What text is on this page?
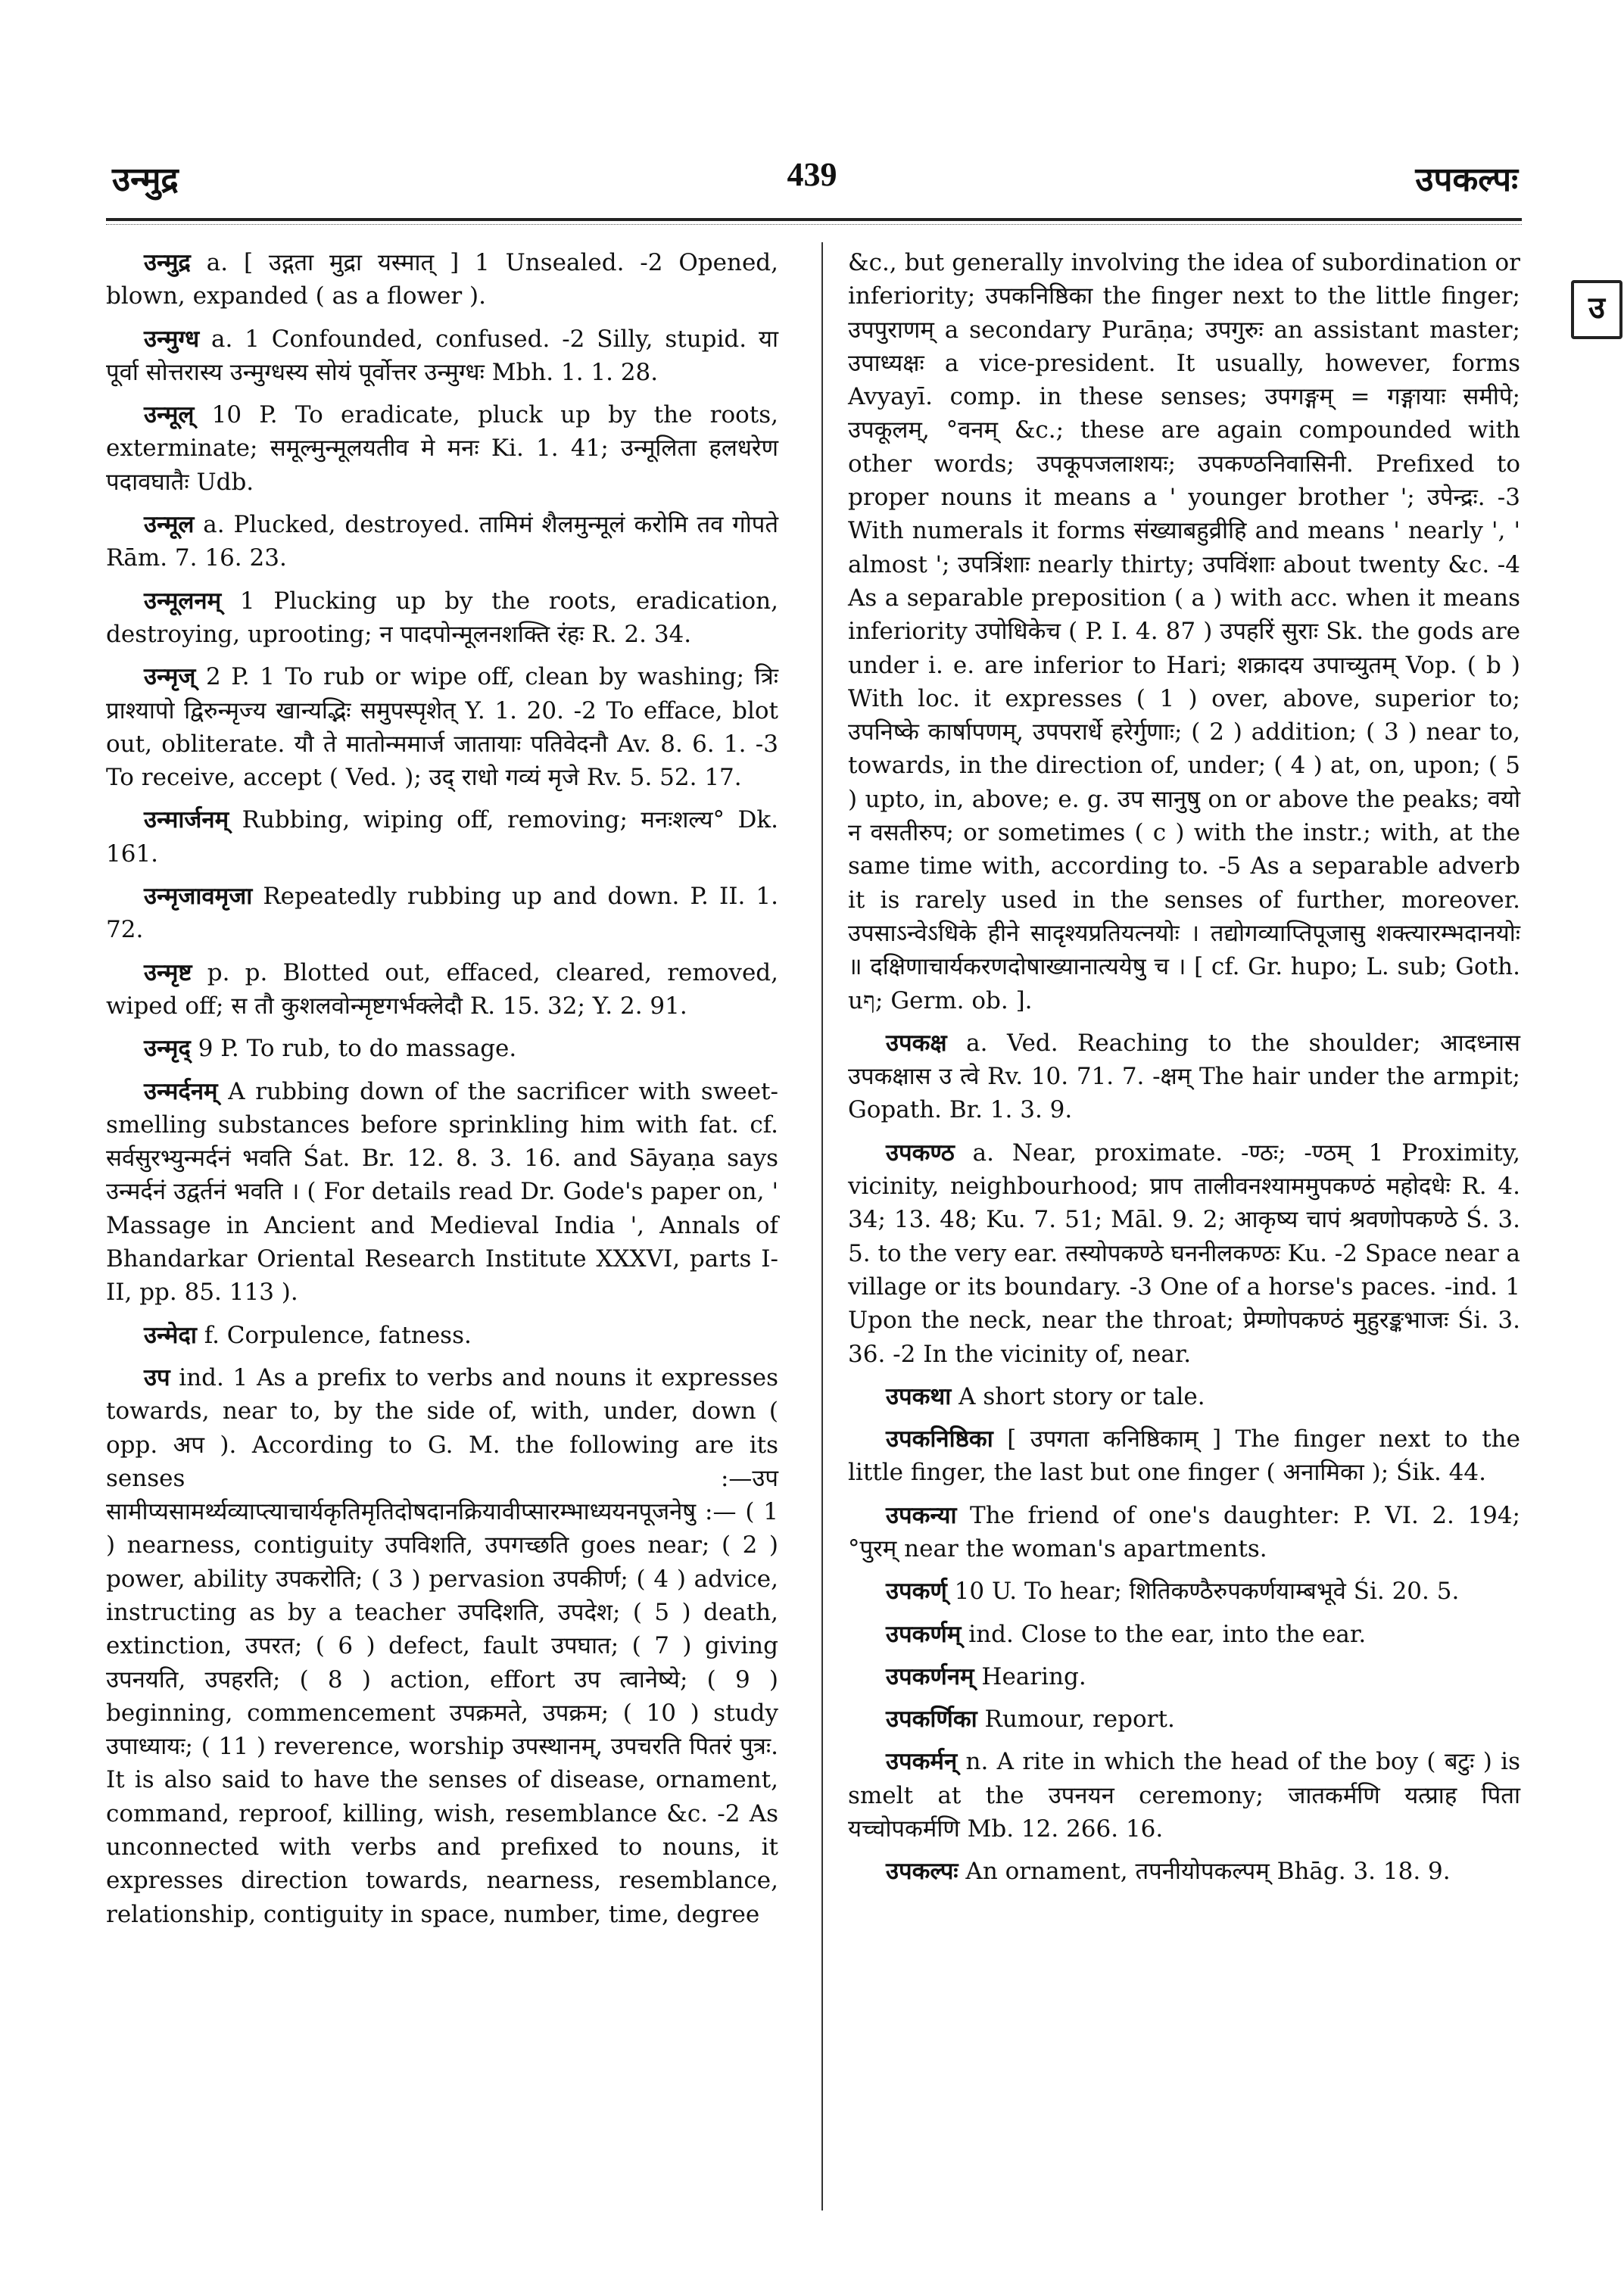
उन्मुद्र	439	उपकल्पः
उ

उन्मुद्र a. [ उद्गता मुद्रा यस्मात् ] 1 Unsealed. -2 Opened, blown, expanded ( as a flower ).

उन्मुग्ध a. 1 Confounded, confused. -2 Silly, stupid. या पूर्वा सोत्तरास्य उन्मुग्धस्य सोयं पूर्वोत्तर उन्मुग्धः Mbh. 1. 1. 28.

उन्मूल् 10 P. To eradicate, pluck up by the roots, exterminate; समूल्मुन्मूलयतीव मे मनः Ki. 1. 41; उन्मूलिता हलधरेण पदावघातैः Udb.

उन्मूल a. Plucked, destroyed. तामिमं शैलमुन्मूलं करोमि तव गोपते Rām. 7. 16. 23.

उन्मूलनम् 1 Plucking up by the roots, eradication, destroying, uprooting; न पादपोन्मूलनशक्ति रंहः R. 2. 34.

उन्मृज् 2 P. 1 To rub or wipe off, clean by washing; त्रिः प्राश्यापो द्विरुन्मृज्य खान्यद्भिः समुपस्पृशेत् Y. 1. 20. -2 To efface, blot out, obliterate. यौ ते मातोन्ममार्ज जातायाः पतिवेदनौ Av. 8. 6. 1. -3 To receive, accept ( Ved. ); उद् राधो गव्यं मृजे Rv. 5. 52. 17.

उन्मार्जनम् Rubbing, wiping off, removing; मनःशल्य° Dk. 161.

उन्मृजावमृजा Repeatedly rubbing up and down. P. II. 1. 72.

उन्मृष्ट p. p. Blotted out, effaced, cleared, removed, wiped off; स तौ कुशलवोन्मृष्टगर्भक्लेदौ R. 15. 32; Y. 2. 91.

उन्मृद् 9 P. To rub, to do massage.

उन्मर्दनम् A rubbing down of the sacrificer with sweet-smelling substances before sprinkling him with fat. cf. सर्वसुरभ्युन्मर्दनं भवति Śat. Br. 12. 8. 3. 16. and Sāyaṇa says उन्मर्दनं उद्वर्तनं भवति । ( For details read Dr. Gode's paper on, ' Massage in Ancient and Medieval India ', Annals of Bhandarkar Oriental Research Institute XXXVI, parts I-II, pp. 85. 113 ).

उन्मेदा f. Corpulence, fatness.

उप ind. 1 As a prefix to verbs and nouns it expresses towards, near to, by the side of, with, under, down ( opp. अप ). According to G. M. the following are its senses :—उप सामीप्यसामर्थ्यव्याप्त्याचार्यकृतिमृतिदोषदानक्रियावीप्सारम्भाध्ययनपूजनेषु :— ( 1 ) nearness, contiguity उपविशति, उपगच्छति goes near; ( 2 ) power, ability उपकरोति; ( 3 ) pervasion उपकीर्ण; ( 4 ) advice, instructing as by a teacher उपदिशति, उपदेश; ( 5 ) death, extinction, उपरत; ( 6 ) defect, fault उपघात; ( 7 ) giving उपनयति, उपहरति; ( 8 ) action, effort उप त्वानेष्ये; ( 9 ) beginning, commencement उपक्रमते, उपक्रम; ( 10 ) study उपाध्यायः; ( 11 ) reverence, worship उपस्थानम्, उपचरति पितरं पुत्रः. It is also said to have the senses of disease, ornament, command, reproof, killing, wish, resemblance &c. -2 As unconnected with verbs and prefixed to nouns, it expresses direction towards, nearness, resemblance, relationship, contiguity in space, number, time, degree

&c., but generally involving the idea of subordination or inferiority; उपकनिष्ठिका the finger next to the little finger; उपपुराणम् a secondary Purāṇa; उपगुरुः an assistant master; उपाध्यक्षः a vice-president. It usually, however, forms Avyayī. comp. in these senses; उपगङ्गम् = गङ्गायाः समीपे; उपकूलम्, °वनम् &c.; these are again compounded with other words; उपकूपजलाशयः; उपकण्ठनिवासिनी. Prefixed to proper nouns it means a ' younger brother '; उपेन्द्रः. -3 With numerals it forms संख्याबहुव्रीहि and means ' nearly ', ' almost '; उपत्रिंशाः nearly thirty; उपविंशाः about twenty &c. -4 As a separable preposition ( a ) with acc. when it means inferiority उपोधिकेच ( P. I. 4. 87 ) उपहरिं सुराः Sk. the gods are under i. e. are inferior to Hari; शक्रादय उपाच्युतम् Vop. ( b ) With loc. it expresses ( 1 ) over, above, superior to; उपनिष्के कार्षापणम्, उपपरार्धे हरेर्गुणाः; ( 2 ) addition; ( 3 ) near to, towards, in the direction of, under; ( 4 ) at, on, upon; ( 5 ) upto, in, above; e. g. उप सानुषु on or above the peaks; वयो न वसतीरुप; or sometimes ( c ) with the instr.; with, at the same time with, according to. -5 As a separable adverb it is rarely used in the senses of further, moreover. उपसाऽन्वेऽधिके हीने सादृश्यप्रतियत्नयोः । तद्योगव्याप्तिपूजासु शक्त्यारम्भदानयोः ॥ दक्षिणाचार्यकरणदोषाख्यानात्ययेषु च । [ cf. Gr. hupo; L. sub; Goth. uף; Germ. ob. ].

उपकक्ष a. Ved. Reaching to the shoulder; आदध्नास उपकक्षास उ त्वे Rv. 10. 71. 7. -क्षम् The hair under the armpit; Gopath. Br. 1. 3. 9.

उपकण्ठ a. Near, proximate. -ण्ठः; -ण्ठम् 1 Proximity, vicinity, neighbourhood; प्राप तालीवनश्याममुपकण्ठं महोदधेः R. 4. 34; 13. 48; Ku. 7. 51; Māl. 9. 2; आकृष्य चापं श्रवणोपकण्ठे Ś. 3. 5. to the very ear. तस्योपकण्ठे घननीलकण्ठः Ku. -2 Space near a village or its boundary. -3 One of a horse's paces. -ind. 1 Upon the neck, near the throat; प्रेम्णोपकण्ठं मुहुरङ्कभाजः Śi. 3. 36. -2 In the vicinity of, near.

उपकथा A short story or tale.

उपकनिष्ठिका [ उपगता कनिष्ठिकाम् ] The finger next to the little finger, the last but one finger ( अनामिका ); Śik. 44.

उपकन्या The friend of one's daughter: P. VI. 2. 194; °पुरम् near the woman's apartments.

उपकर्ण् 10 U. To hear; शितिकण्ठैरुपकर्णयाम्बभूवे Śi. 20. 5.

उपकर्णम् ind. Close to the ear, into the ear.

उपकर्णनम् Hearing.

उपकर्णिका Rumour, report.

उपकर्मन् n. A rite in which the head of the boy ( बटुः ) is smelt at the उपनयन ceremony; जातकर्मणि यत्प्राह पिता यच्चोपकर्मणि Mb. 12. 266. 16.

उपकल्पः An ornament, तपनीयोपकल्पम् Bhāg. 3. 18. 9.
